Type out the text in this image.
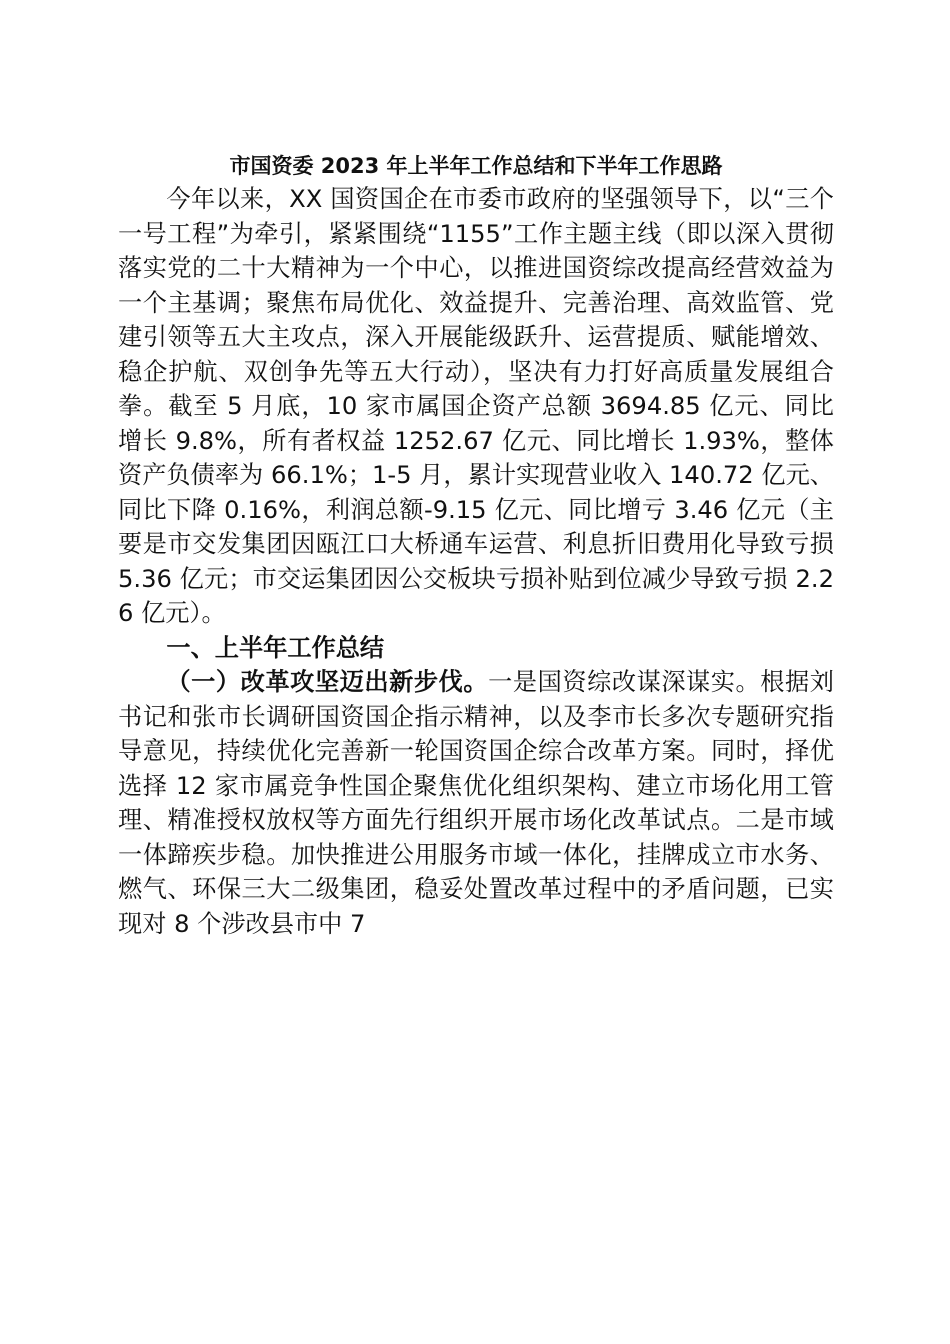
市国资委 2023 年上半年工作总结和下半年工作思路

今年以来，XX 国资国企在市委市政府的坚强领导下，以“三个一号工程”为牵引，紧紧围绕“1155”工作主题主线（即以深入贯彻落实党的二十大精神为一个中心，以推进国资综改提高经营效益为一个主基调；聚焦布局优化、效益提升、完善治理、高效监管、党建引领等五大主攻点，深入开展能级跃升、运营提质、赋能增效、稳企护航、双创争先等五大行动），坚决有力打好高质量发展组合拳。截至 5 月底，10 家市属国企资产总额 3694.85 亿元、同比增长 9.8%，所有者权益 1252.67 亿元、同比增长 1.93%，整体资产负债率为 66.1%；1-5 月，累计实现营业收入 140.72 亿元、同比下降 0.16%，利润总额-9.15 亿元、同比增亏 3.46 亿元（主要是市交发集团因瓯江口大桥通车运营、利息折旧费用化导致亏损 5.36 亿元；市交运集团因公交板块亏损补贴到位减少导致亏损 2.26 亿元）。

一、上半年工作总结

（一）改革攻坚迈出新步伐。一是国资综改谋深谋实。根据刘书记和张市长调研国资国企指示精神，以及李市长多次专题研究指导意见，持续优化完善新一轮国资国企综合改革方案。同时，择优选择 12 家市属竞争性国企聚焦优化组织架构、建立市场化用工管理、精准授权放权等方面先行组织开展市场化改革试点。二是市域一体蹄疾步稳。加快推进公用服务市域一体化，挂牌成立市水务、燃气、环保三大二级集团，稳妥处置改革过程中的矛盾问题，已实现对 8 个涉改县市中 7
